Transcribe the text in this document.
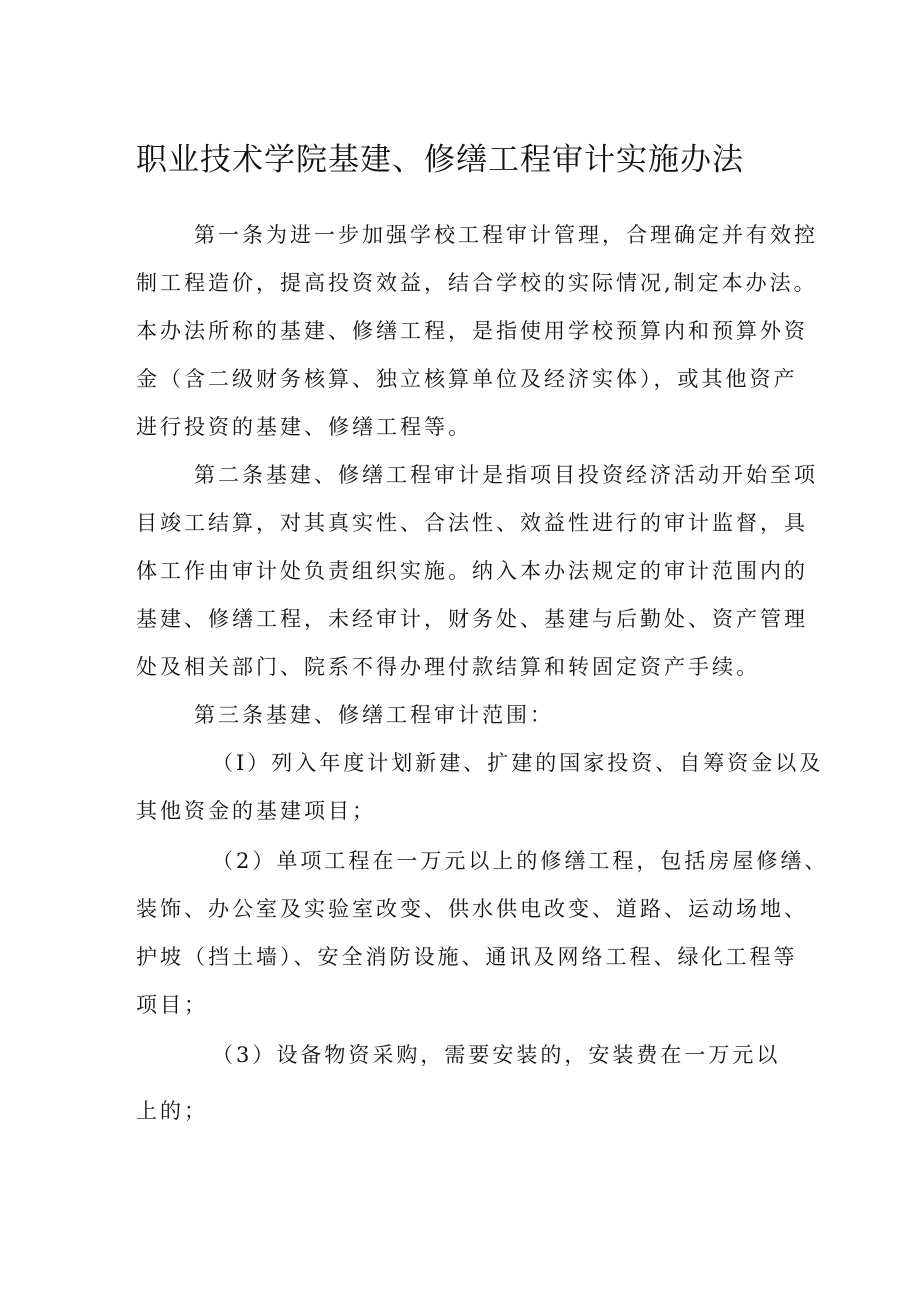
职业技术学院基建、修缮工程审计实施办法
第一条为进一步加强学校工程审计管理，合理确定并有效控
制工程造价，提高投资效益，结合学校的实际情况,制定本办法。
本办法所称的基建、修缮工程，是指使用学校预算内和预算外资
金（含二级财务核算、独立核算单位及经济实体），或其他资产
进行投资的基建、修缮工程等。
第二条基建、修缮工程审计是指项目投资经济活动开始至项
目竣工结算，对其真实性、合法性、效益性进行的审计监督，具
体工作由审计处负责组织实施。纳入本办法规定的审计范围内的
基建、修缮工程，未经审计，财务处、基建与后勤处、资产管理
处及相关部门、院系不得办理付款结算和转固定资产手续。
第三条基建、修缮工程审计范围：
（I）列入年度计划新建、扩建的国家投资、自筹资金以及
其他资金的基建项目；
（2）单项工程在一万元以上的修缮工程，包括房屋修缮、
装饰、办公室及实验室改变、供水供电改变、道路、运动场地、
护坡（挡土墙）、安全消防设施、通讯及网络工程、绿化工程等
项目；
（3）设备物资采购，需要安装的，安装费在一万元以
上的；
